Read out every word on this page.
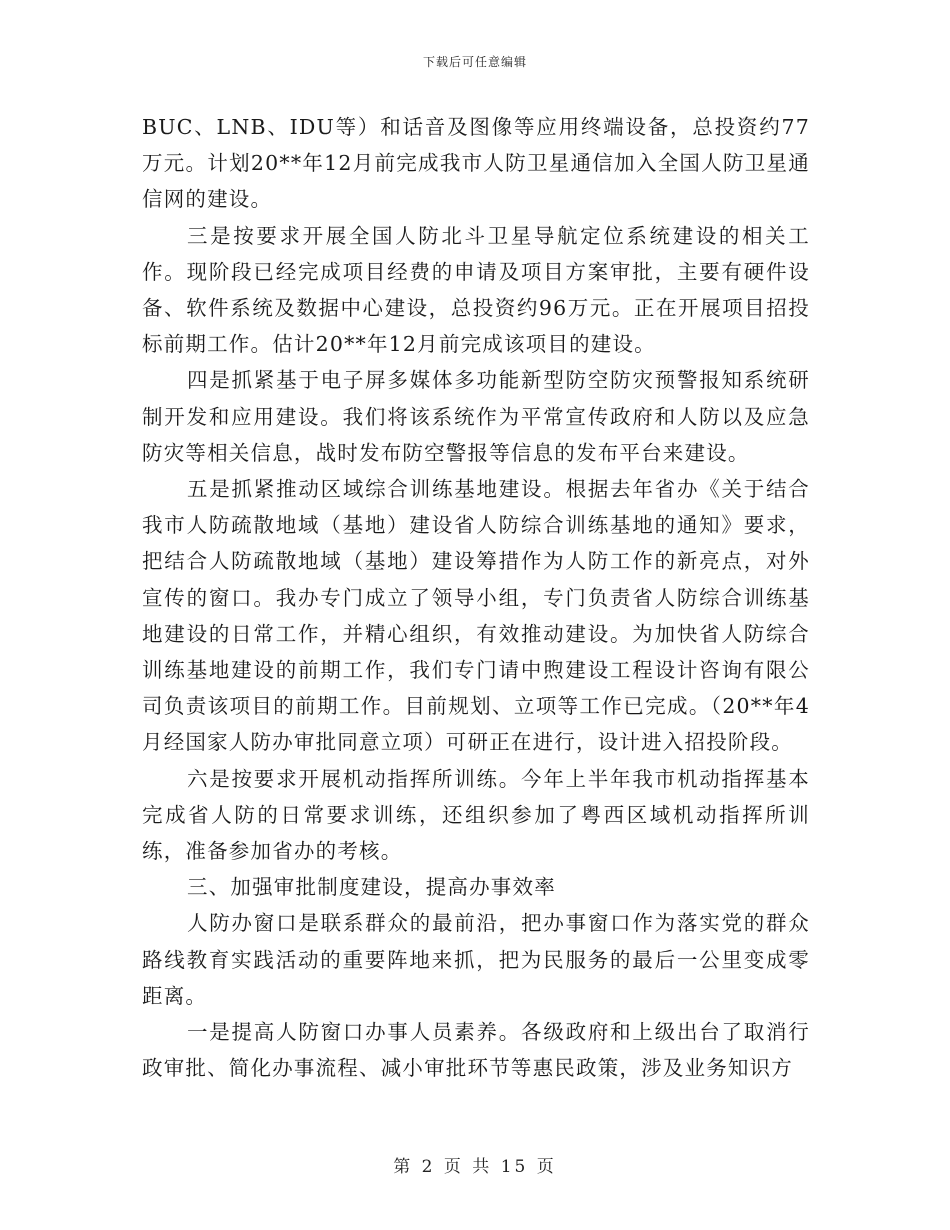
下载后可任意编辑

BUC、LNB、IDU等）和话音及图像等应用终端设备，总投资约77万元。计划20**年12月前完成我市人防卫星通信加入全国人防卫星通信网的建设。

三是按要求开展全国人防北斗卫星导航定位系统建设的相关工作。现阶段已经完成项目经费的申请及项目方案审批，主要有硬件设备、软件系统及数据中心建设，总投资约96万元。正在开展项目招投标前期工作。估计20**年12月前完成该项目的建设。

四是抓紧基于电子屏多媒体多功能新型防空防灾预警报知系统研制开发和应用建设。我们将该系统作为平常宣传政府和人防以及应急防灾等相关信息，战时发布防空警报等信息的发布平台来建设。

五是抓紧推动区域综合训练基地建设。根据去年省办《关于结合我市人防疏散地域（基地）建设省人防综合训练基地的通知》要求，把结合人防疏散地域（基地）建设筹措作为人防工作的新亮点，对外宣传的窗口。我办专门成立了领导小组，专门负责省人防综合训练基地建设的日常工作，并精心组织，有效推动建设。为加快省人防综合训练基地建设的前期工作，我们专门请中煦建设工程设计咨询有限公司负责该项目的前期工作。目前规划、立项等工作已完成。（20**年4月经国家人防办审批同意立项）可研正在进行，设计进入招投阶段。

六是按要求开展机动指挥所训练。今年上半年我市机动指挥基本完成省人防的日常要求训练，还组织参加了粤西区域机动指挥所训练，准备参加省办的考核。

三、加强审批制度建设，提高办事效率

人防办窗口是联系群众的最前沿，把办事窗口作为落实党的群众路线教育实践活动的重要阵地来抓，把为民服务的最后一公里变成零距离。

一是提高人防窗口办事人员素养。各级政府和上级出台了取消行政审批、简化办事流程、减小审批环节等惠民政策，涉及业务知识方

第 2 页 共 15 页
